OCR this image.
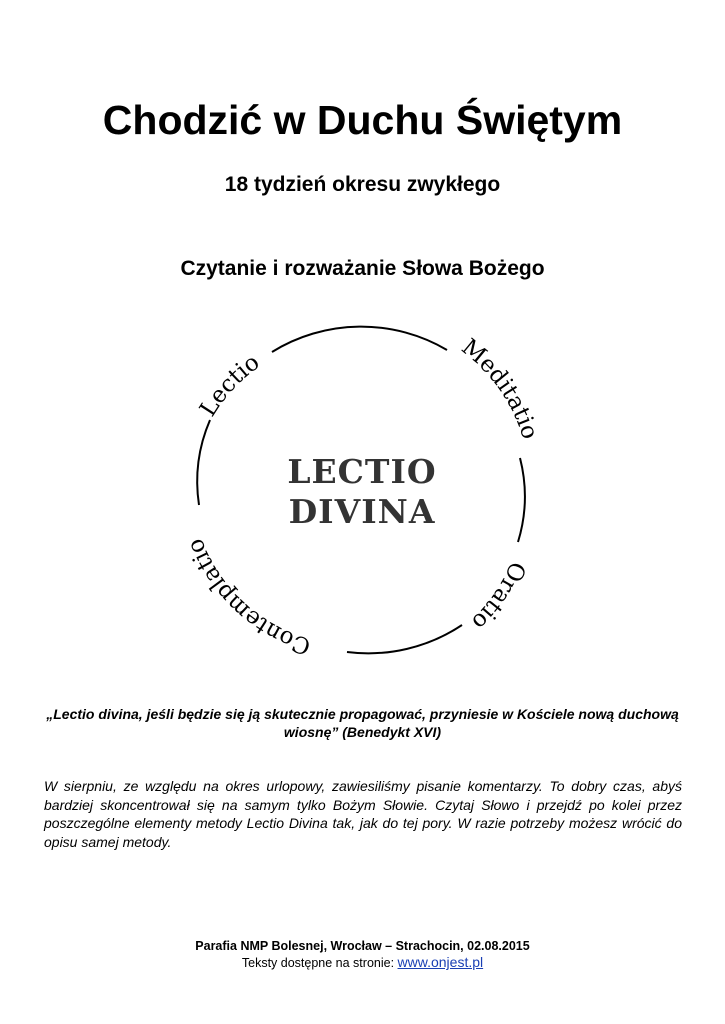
Chodzić w Duchu Świętym
18 tydzień okresu zwykłego
Czytanie i rozważanie Słowa Bożego
Lectio	Meditatio
Oratio
Contemplatio
LECTIO
DIVINA

„Lectio divina, jeśli będzie się ją skutecznie propagować, przyniesie w Kościele nową duchową wiosnę” (Benedykt XVI)

W sierpniu, ze względu na okres urlopowy, zawiesiliśmy pisanie komentarzy. To dobry czas, abyś bardziej skoncentrował się na samym tylko Bożym Słowie. Czytaj Słowo i przejdź po kolei przez poszczególne elementy metody Lectio Divina tak, jak do tej pory. W razie potrzeby możesz wrócić do opisu samej metody.

Parafia NMP Bolesnej, Wrocław – Strachocin, 02.08.2015

Teksty dostępne na stronie: www.onjest.pl
